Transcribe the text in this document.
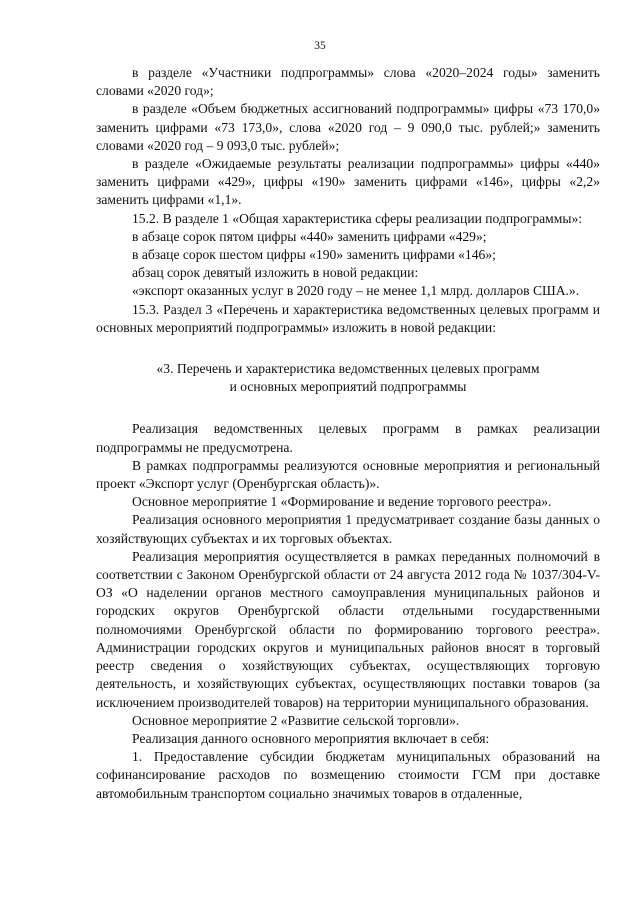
35

в разделе «Участники подпрограммы» слова «2020–2024 годы» заменить словами «2020 год»;

в разделе «Объем бюджетных ассигнований подпрограммы» цифры «73 170,0» заменить цифрами «73 173,0», слова «2020 год – 9 090,0 тыс. рублей;» заменить словами «2020 год – 9 093,0 тыс. рублей»;

в разделе «Ожидаемые результаты реализации подпрограммы» цифры «440» заменить цифрами «429», цифры «190» заменить цифрами «146», цифры «2,2» заменить цифрами «1,1».

15.2. В разделе 1 «Общая характеристика сферы реализации подпрограммы»:

в абзаце сорок пятом цифры «440» заменить цифрами «429»;

в абзаце сорок шестом цифры «190» заменить цифрами «146»;

абзац сорок девятый изложить в новой редакции:

«экспорт оказанных услуг в 2020 году – не менее 1,1 млрд. долларов США.».

15.3. Раздел 3 «Перечень и характеристика ведомственных целевых программ и основных мероприятий подпрограммы» изложить в новой редакции:

«3. Перечень и характеристика ведомственных целевых программ
и основных мероприятий подпрограммы

Реализация ведомственных целевых программ в рамках реализации подпрограммы не предусмотрена.

В рамках подпрограммы реализуются основные мероприятия и региональный проект «Экспорт услуг (Оренбургская область)».

Основное мероприятие 1 «Формирование и ведение торгового реестра».

Реализация основного мероприятия 1 предусматривает создание базы данных о хозяйствующих субъектах и их торговых объектах.

Реализация мероприятия осуществляется в рамках переданных полномочий в соответствии с Законом Оренбургской области от 24 августа 2012 года № 1037/304-V-ОЗ «О наделении органов местного самоуправления муниципальных районов и городских округов Оренбургской области отдельными государственными полномочиями Оренбургской области по формированию торгового реестра». Администрации городских округов и муниципальных районов вносят в торговый реестр сведения о хозяйствующих субъектах, осуществляющих торговую деятельность, и хозяйствующих субъектах, осуществляющих поставки товаров (за исключением производителей товаров) на территории муниципального образования.

Основное мероприятие 2 «Развитие сельской торговли».

Реализация данного основного мероприятия включает в себя:

1. Предоставление субсидии бюджетам муниципальных образований на софинансирование расходов по возмещению стоимости ГСМ при доставке автомобильным транспортом социально значимых товаров в отдаленные,
